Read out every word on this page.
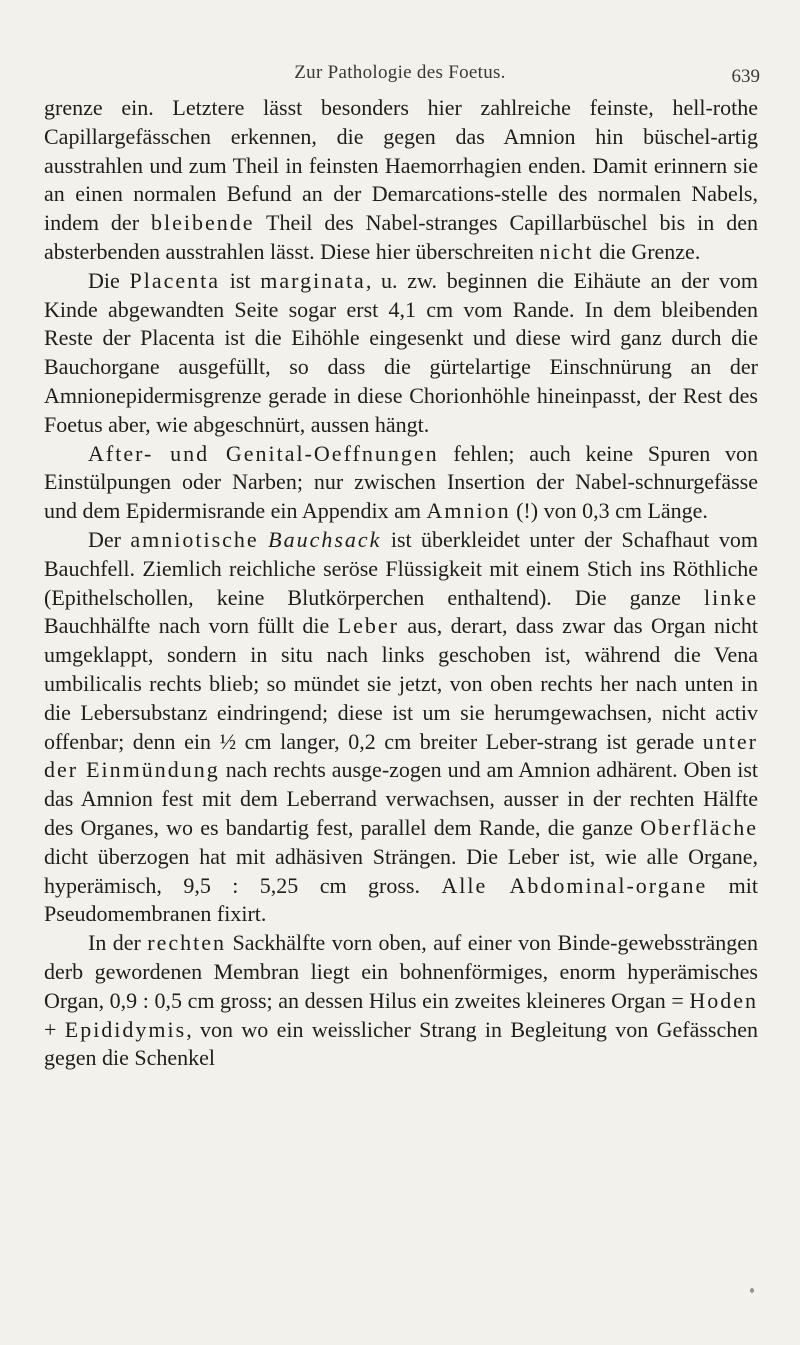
Zur Pathologie des Foetus.	639

grenze ein. Letztere lässt besonders hier zahlreiche feinste, hell-rothe Capillargefässchen erkennen, die gegen das Amnion hin büschel-artig ausstrahlen und zum Theil in feinsten Haemorrhagien enden. Damit erinnern sie an einen normalen Befund an der Demarcations-stelle des normalen Nabels, indem der bleibende Theil des Nabel-stranges Capillarbüschel bis in den absterbenden ausstrahlen lässt. Diese hier überschreiten nicht die Grenze.

Die Placenta ist marginata, u. zw. beginnen die Eihäute an der vom Kinde abgewandten Seite sogar erst 4,1 cm vom Rande. In dem bleibenden Reste der Placenta ist die Eihöhle eingesenkt und diese wird ganz durch die Bauchorgane ausgefüllt, so dass die gürtelartige Einschnürung an der Amnionepidermisgrenze gerade in diese Chorionhöhle hineinpasst, der Rest des Foetus aber, wie abgeschnürt, aussen hängt.

After- und Genital-Oeffnungen fehlen; auch keine Spuren von Einstülpungen oder Narben; nur zwischen Insertion der Nabel-schnurgefässe und dem Epidermisrande ein Appendix am Amnion (!) von 0,3 cm Länge.

Der amniotische Bauchsack ist überkleidet unter der Schafhaut vom Bauchfell. Ziemlich reichliche seröse Flüssigkeit mit einem Stich ins Röthliche (Epithelschollen, keine Blutkörperchen enthaltend). Die ganze linke Bauchhälfte nach vorn füllt die Leber aus, derart, dass zwar das Organ nicht umgeklappt, sondern in situ nach links geschoben ist, während die Vena umbilicalis rechts blieb; so mündet sie jetzt, von oben rechts her nach unten in die Lebersubstanz eindringend; diese ist um sie herumgewachsen, nicht activ offenbar; denn ein ½ cm langer, 0,2 cm breiter Leber-strang ist gerade unter der Einmündung nach rechts ausge-zogen und am Amnion adhärent. Oben ist das Amnion fest mit dem Leberrand verwachsen, ausser in der rechten Hälfte des Organes, wo es bandartig fest, parallel dem Rande, die ganze Oberfläche dicht überzogen hat mit adhäsiven Strängen. Die Leber ist, wie alle Organe, hyperämisch, 9,5 : 5,25 cm gross. Alle Abdominal-organe mit Pseudomembranen fixirt.

In der rechten Sackhälfte vorn oben, auf einer von Binde-gewebssträngen derb gewordenen Membran liegt ein bohnenförmiges, enorm hyperämisches Organ, 0,9 : 0,5 cm gross; an dessen Hilus ein zweites kleineres Organ = Hoden + Epididymis, von wo ein weisslicher Strang in Begleitung von Gefässchen gegen die Schenkel
